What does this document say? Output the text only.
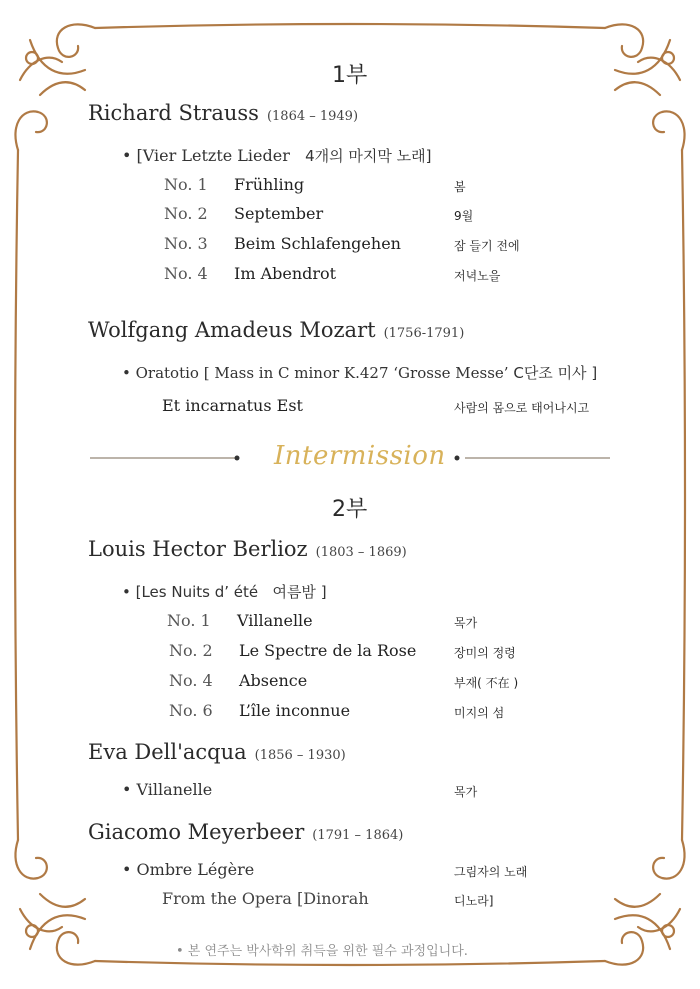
1부
Richard Strauss (1864 – 1949)
• [Vier Letzte Lieder 4개의 마지막 노래]
No. 1 Frühling	봄
No. 2 September	9월
No. 3 Beim Schlafengehen	잠 들기 전에
No. 4 Im Abendrot	저녁노을
Wolfgang Amadeus Mozart (1756-1791)
• Oratotio [ Mass in C minor K.427 ‘Grosse Messe’ C단조 미사 ]
Et incarnatus Est	사람의 몸으로 태어나시고
Intermission
2부
Louis Hector Berlioz (1803 – 1869)
• [Les Nuits d’ été 여름밤 ]
No. 1 Villanelle	목가
No. 2 Le Spectre de la Rose	장미의 정령
No. 4 Absence	부재( 不在 )
No. 6 L’île inconnue	미지의 섬
Eva Dell'acqua (1856 – 1930)
• Villanelle	목가
Giacomo Meyerbeer (1791 – 1864)
• Ombre Légère	그림자의 노래
From the Opera [Dinorah	디노라]
• 본 연주는 박사학위 취득을 위한 필수 과정입니다.
